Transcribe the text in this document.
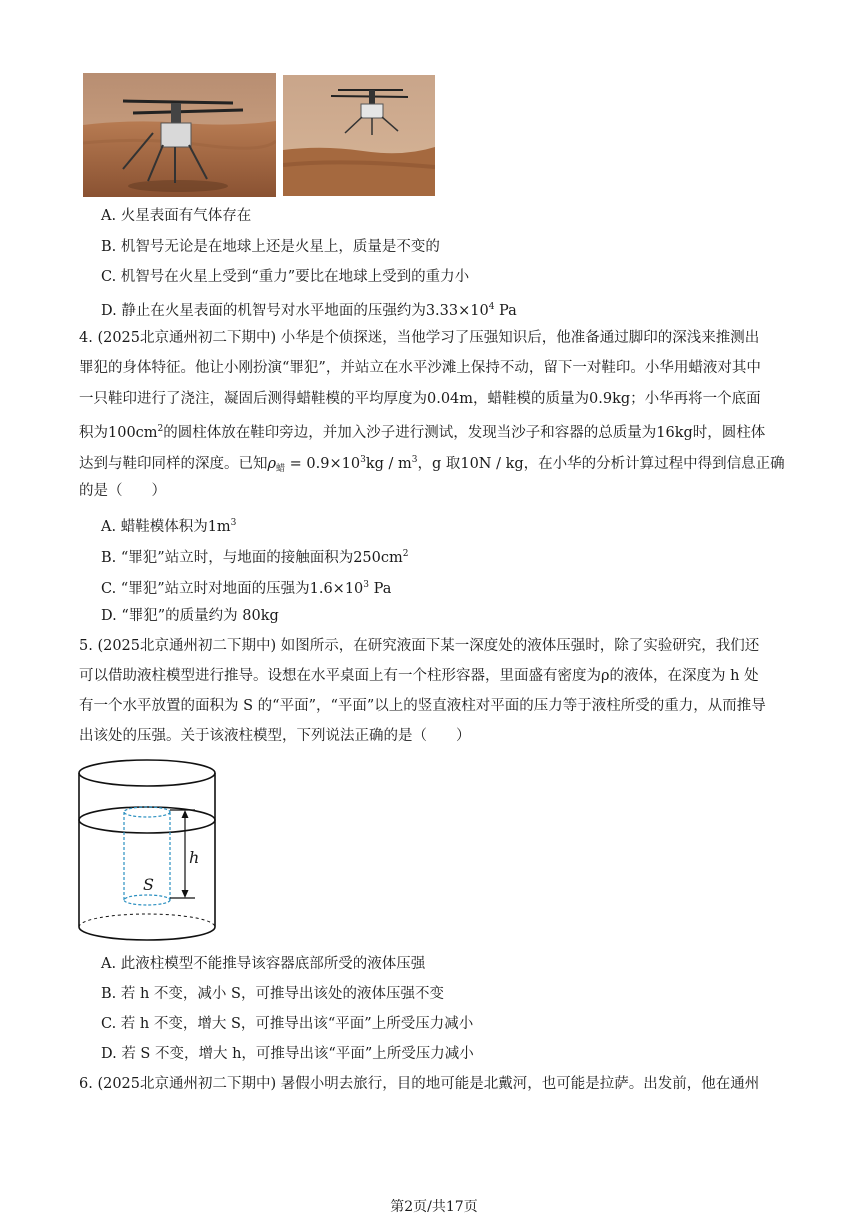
A. 火星表面有气体存在
B. 机智号无论是在地球上还是火星上，质量是不变的
C. 机智号在火星上受到“重力”要比在地球上受到的重力小
D. 静止在火星表面的机智号对水平地面的压强约为$3.33\times 10^4$ Pa
4. (2025北京通州初二下期中) 小华是个侦探迷，当他学习了压强知识后，他准备通过脚印的深浅来推测出
罪犯的身体特征。他让小刚扮演“罪犯”，并站立在水平沙滩上保持不动，留下一对鞋印。小华用蜡液对其中
一只鞋印进行了浇注，凝固后测得蜡鞋模的平均厚度为0.04m，蜡鞋模的质量为0.9kg；小华再将一个底面
积为$100cm^2$的圆柱体放在鞋印旁边，并加入沙子进行测试，发现当沙子和容器的总质量为16kg时，圆柱体
达到与鞋印同样的深度。已知$\rho_蜡 = 0.9\times 10^3kg / m^3$，g 取10N / kg，在小华的分析计算过程中得到信息正确
的是（　　）
A. 蜡鞋模体积为$1m^3$
B. “罪犯”站立时，与地面的接触面积为$250cm^2$
C. “罪犯”站立时对地面的压强为$1.6\times 10^3$ Pa
D. “罪犯”的质量约为 80kg
5. (2025北京通州初二下期中) 如图所示，在研究液面下某一深度处的液体压强时，除了实验研究，我们还
可以借助液柱模型进行推导。设想在水平桌面上有一个柱形容器，里面盛有密度为ρ的液体，在深度为 h 处
有一个水平放置的面积为 S 的“平面”，“平面”以上的竖直液柱对平面的压力等于液柱所受的重力，从而推导
出该处的压强。关于该液柱模型，下列说法正确的是（　　）
h
S
A. 此液柱模型不能推导该容器底部所受的液体压强
B. 若 h 不变，减小 S，可推导出该处的液体压强不变
C. 若 h 不变，增大 S，可推导出该“平面”上所受压力减小
D. 若 S 不变，增大 h，可推导出该“平面”上所受压力减小
6. (2025北京通州初二下期中) 暑假小明去旅行，目的地可能是北戴河，也可能是拉萨。出发前，他在通州
第2页/共17页
